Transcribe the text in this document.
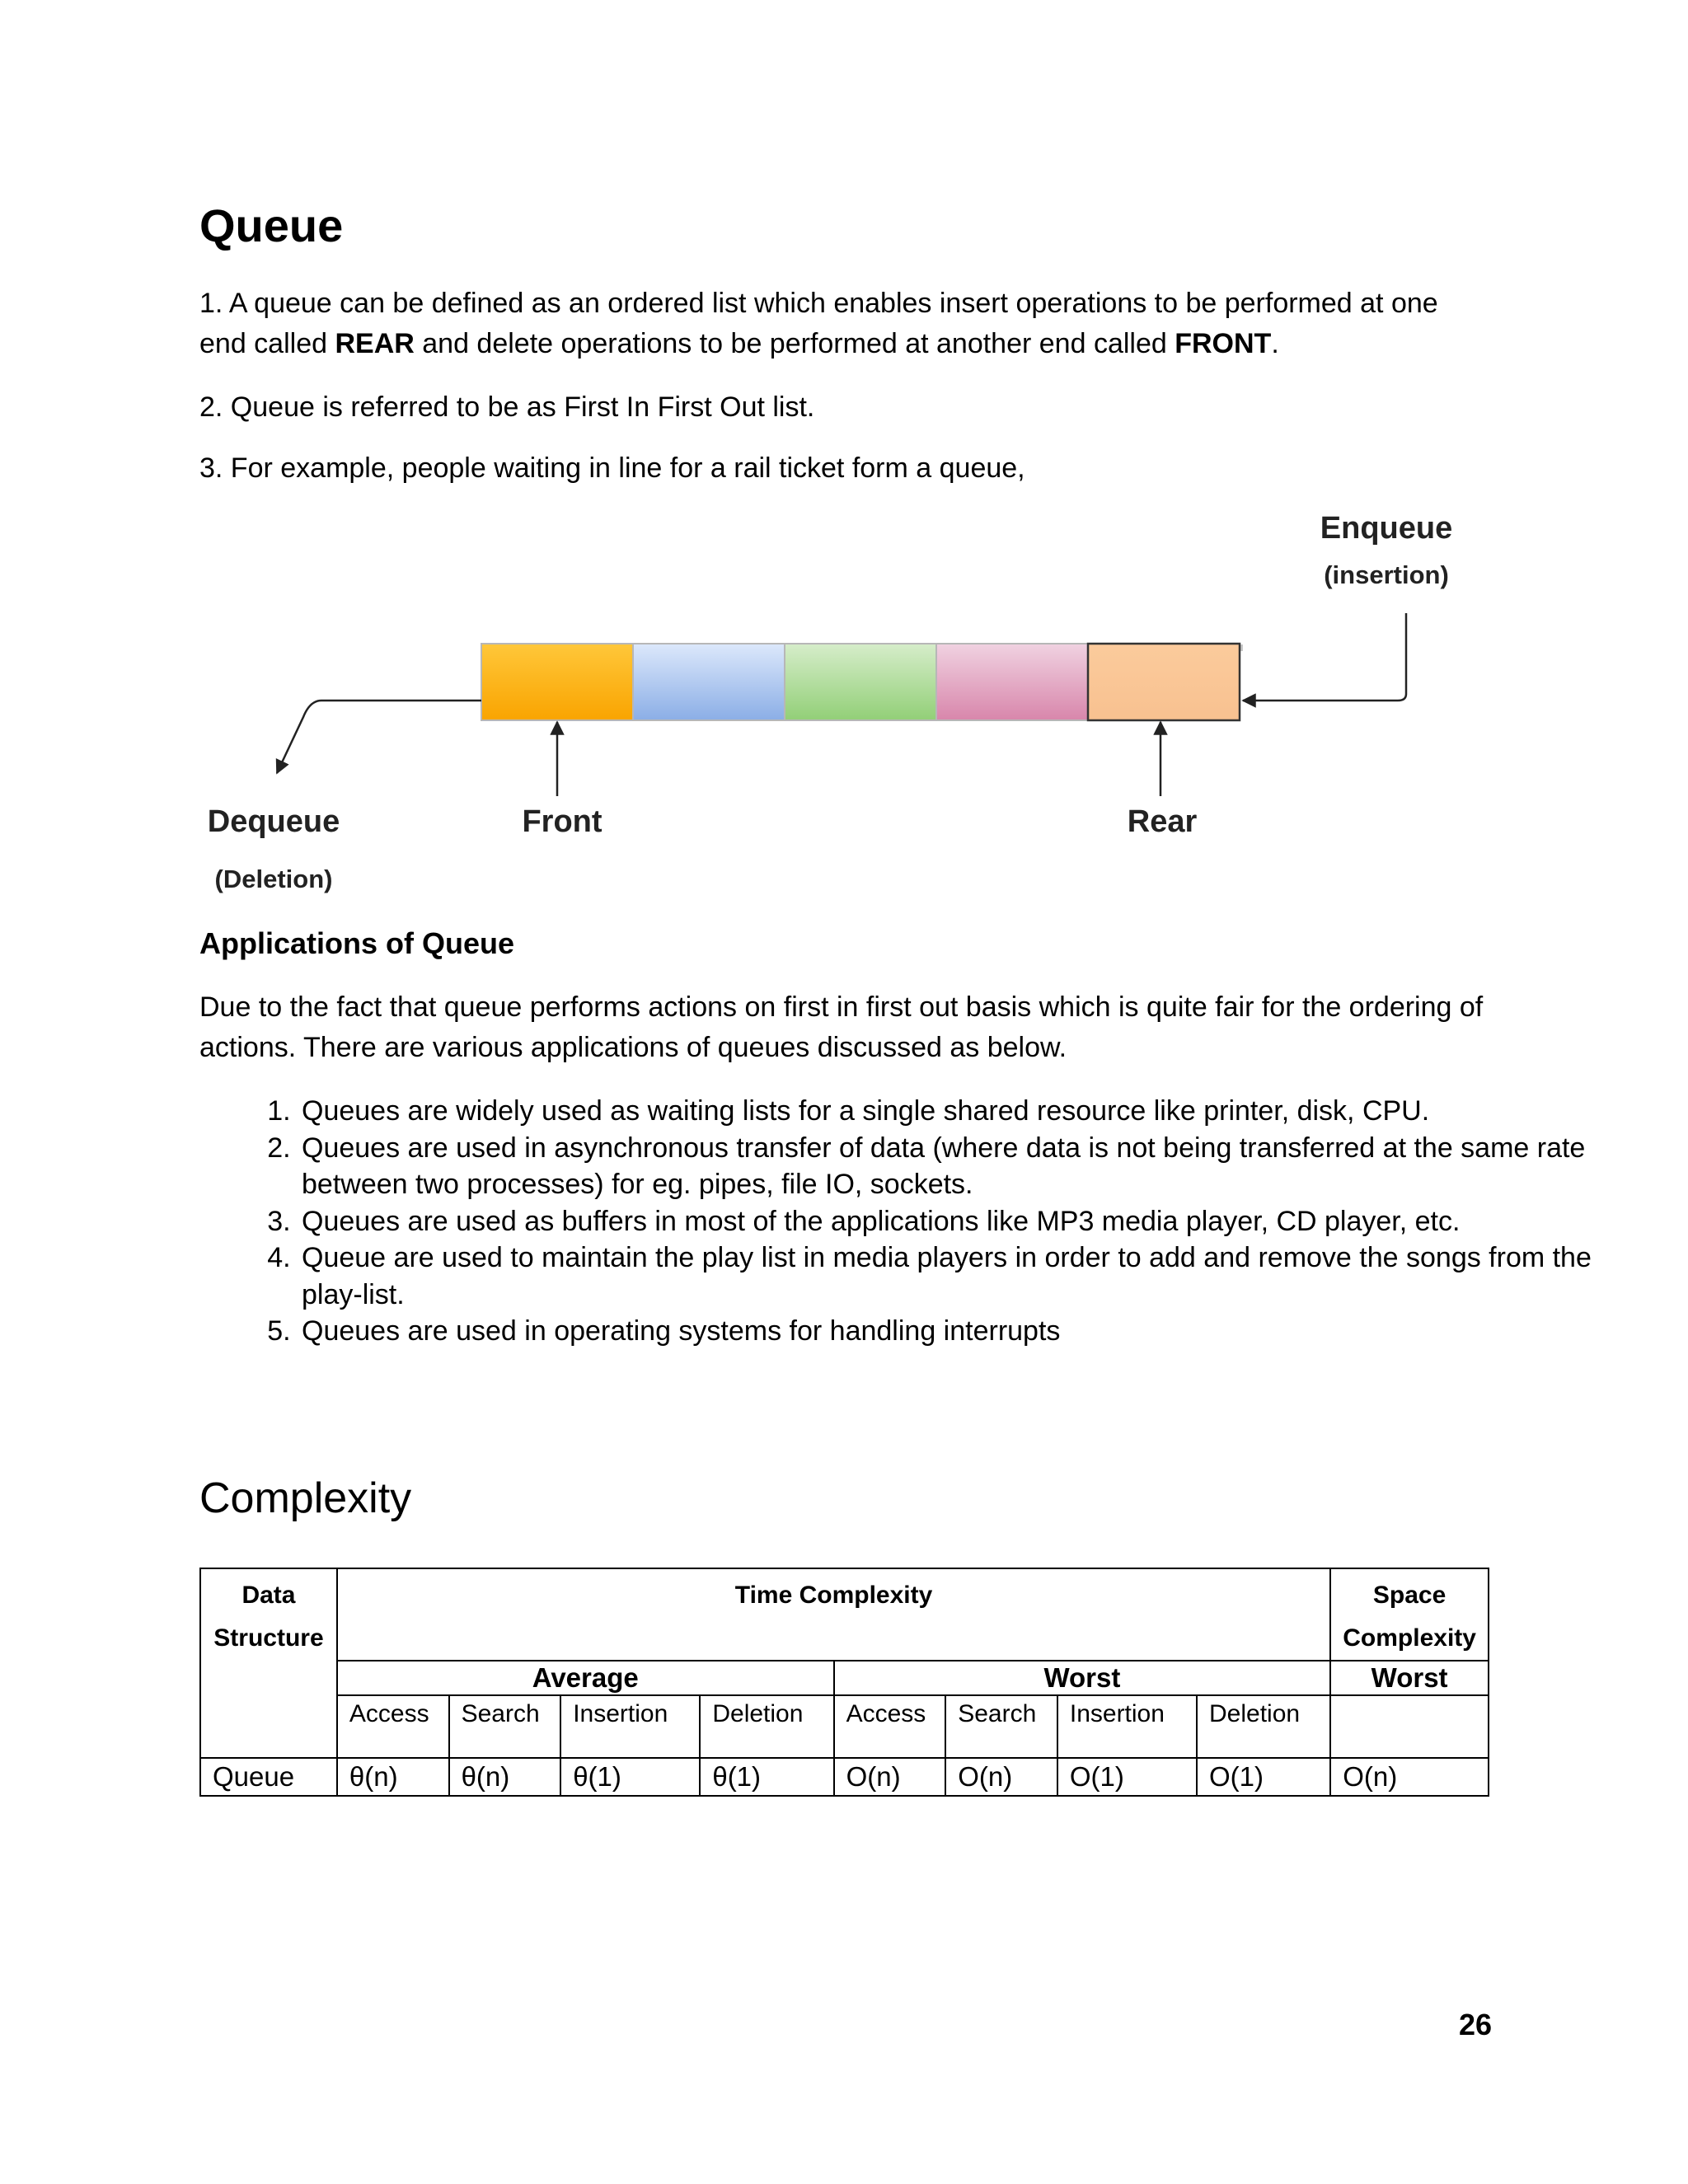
Queue

1. A queue can be defined as an ordered list which enables insert operations to be performed at one end called REAR and delete operations to be performed at another end called FRONT.

2. Queue is referred to be as First In First Out list.

3. For example, people waiting in line for a rail ticket form a queue,

Enqueue
(insertion)
Dequeue
(Deletion)
Front	Rear
Applications of Queue

Due to the fact that queue performs actions on first in first out basis which is quite fair for the ordering of actions. There are various applications of queues discussed as below.

1. Queues are widely used as waiting lists for a single shared resource like printer, disk, CPU.
2. Queues are used in asynchronous transfer of data (where data is not being transferred at the same rate between two processes) for eg. pipes, file IO, sockets.
3. Queues are used as buffers in most of the applications like MP3 media player, CD player, etc.
4. Queue are used to maintain the play list in media players in order to add and remove the songs from the play-list.
5. Queues are used in operating systems for handling interrupts
Complexity
Data Structure	Time Complexity								Space Complexity
	Average				Worst				Worst
	Access	Search	Insertion	Deletion	Access	Search	Insertion	Deletion	
Queue	θ(n)	θ(n)	θ(1)	θ(1)	O(n)	O(n)	O(1)	O(1)	O(n)
26
